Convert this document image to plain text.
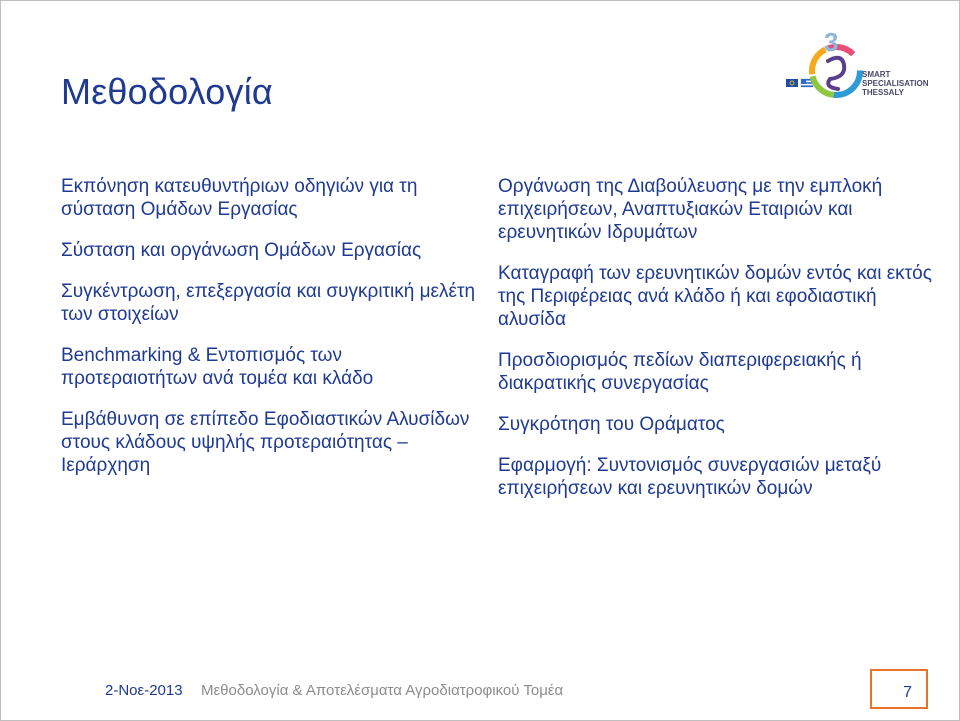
Μεθοδολογία
3
SMART
SPECIALISATION
THESSALY
Εκπόνηση κατευθυντήριων οδηγιών για τη σύσταση Ομάδων Εργασίας
Σύσταση και οργάνωση Ομάδων Εργασίας
Συγκέντρωση, επεξεργασία και συγκριτική μελέτη των στοιχείων
Benchmarking & Εντοπισμός των προτεραιοτήτων ανά τομέα και κλάδο
Εμβάθυνση σε επίπεδο Εφοδιαστικών Αλυσίδων στους κλάδους υψηλής προτεραιότητας – Ιεράρχηση
Οργάνωση της Διαβούλευσης με την εμπλοκή επιχειρήσεων, Αναπτυξιακών Εταιριών και ερευνητικών Ιδρυμάτων
Καταγραφή των ερευνητικών δομών εντός και εκτός της Περιφέρειας ανά κλάδο ή και εφοδιαστική αλυσίδα
Προσδιορισμός πεδίων διαπεριφερειακής ή διακρατικής συνεργασίας
Συγκρότηση του Οράματος
Εφαρμογή: Συντονισμός συνεργασιών μεταξύ επιχειρήσεων και ερευνητικών δομών
2-Νοε-2013 Μεθοδολογία & Αποτελέσματα Αγροδιατροφικού Τομέα	7
